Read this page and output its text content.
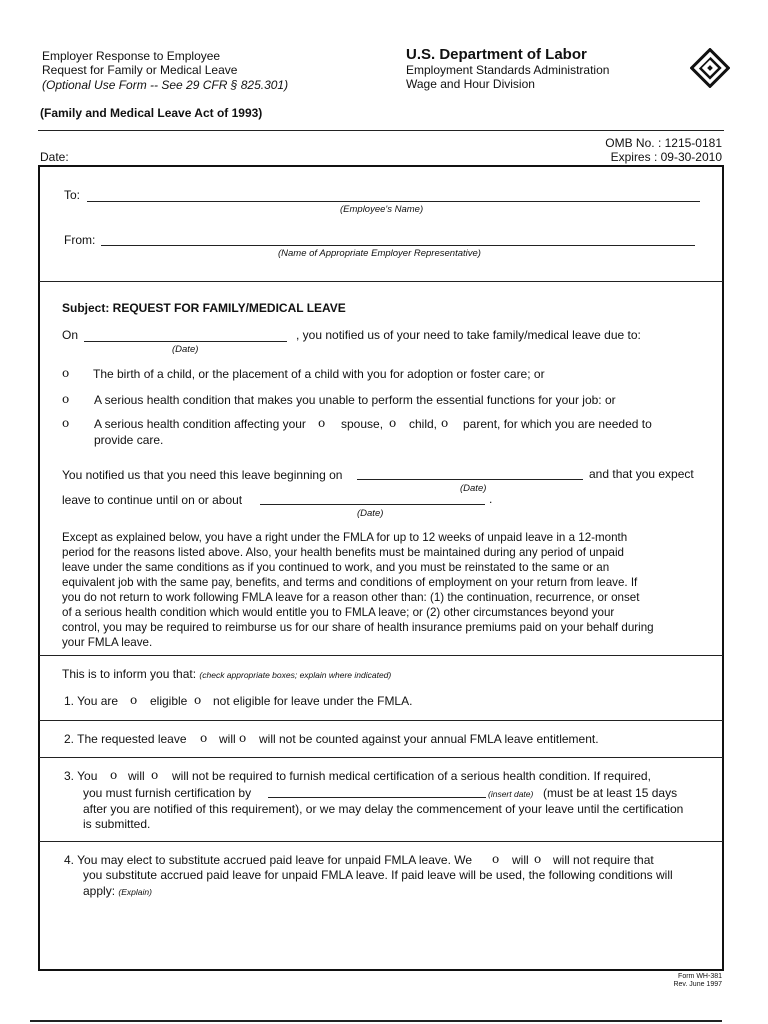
Employer Response to Employee
Request for Family or Medical Leave
(Optional Use Form -- See 29 CFR § 825.301)
(Family and Medical Leave Act of 1993)
U.S. Department of Labor
Employment Standards Administration
Wage and Hour Division
OMB No. : 1215-0181
Expires : 09-30-2010
Date:
To:
(Employee's Name)
From:
(Name of Appropriate Employer Representative)
Subject: REQUEST FOR FAMILY/MEDICAL LEAVE
On	, you notified us of your need to take family/medical leave due to:
(Date)
o The birth of a child, or the placement of a child with you for adoption or foster care; or
o A serious health condition that makes you unable to perform the essential functions for your job: or
o A serious health condition affecting your o spouse, o child, o parent, for which you are needed to
provide care.
You notified us that you need this leave beginning on	and that you expect
(Date)
leave to continue until on or about	.
(Date)
Except as explained below, you have a right under the FMLA for up to 12 weeks of unpaid leave in a 12-month
period for the reasons listed above. Also, your health benefits must be maintained during any period of unpaid
leave under the same conditions as if you continued to work, and you must be reinstated to the same or an
equivalent job with the same pay, benefits, and terms and conditions of employment on your return from leave. If
you do not return to work following FMLA leave for a reason other than: (1) the continuation, recurrence, or onset
of a serious health condition which would entitle you to FMLA leave; or (2) other circumstances beyond your
control, you may be required to reimburse us for our share of health insurance premiums paid on your behalf during
your FMLA leave.
This is to inform you that: (check appropriate boxes; explain where indicated)
1. You are o eligible o not eligible for leave under the FMLA.
2. The requested leave o will o will not be counted against your annual FMLA leave entitlement.
3. You o will o will not be required to furnish medical certification of a serious health condition. If required,
you must furnish certification by	(insert date) (must be at least 15 days
after you are notified of this requirement), or we may delay the commencement of your leave until the certification
is submitted.
4. You may elect to substitute accrued paid leave for unpaid FMLA leave. We o will o will not require that
you substitute accrued paid leave for unpaid FMLA leave. If paid leave will be used, the following conditions will
apply: (Explain)
Form WH-381
Rev. June 1997
